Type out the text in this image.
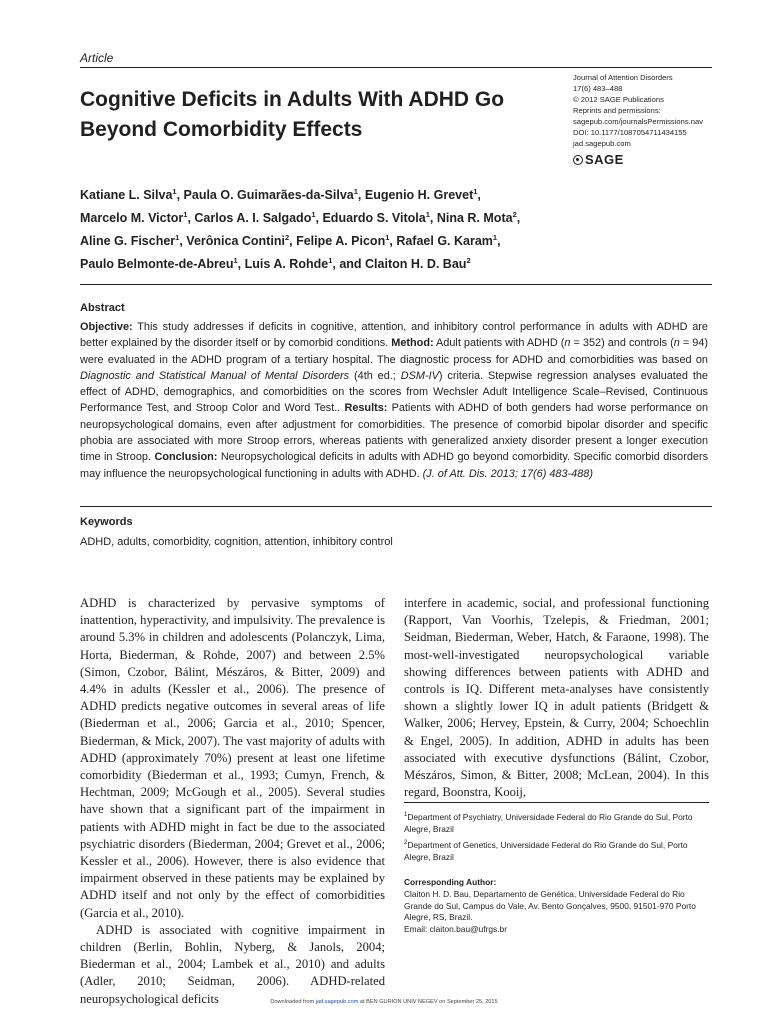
Article
Cognitive Deficits in Adults With ADHD Go Beyond Comorbidity Effects
Journal of Attention Disorders
17(6) 483–488
© 2012 SAGE Publications
Reprints and permissions:
sagepub.com/journalsPermissions.nav
DOI: 10.1177/1087054711434155
jad.sagepub.com
SAGE
Katiane L. Silva$^1$, Paula O. Guimarães-da-Silva$^1$, Eugenio H. Grevet$^1$,
Marcelo M. Victor$^1$, Carlos A. I. Salgado$^1$, Eduardo S. Vitola$^1$, Nina R. Mota$^2$,
Aline G. Fischer$^1$, Verônica Contini$^2$, Felipe A. Picon$^1$, Rafael G. Karam$^1$,
Paulo Belmonte-de-Abreu$^1$, Luis A. Rohde$^1$, and Claiton H. D. Bau$^2$
Abstract
Objective: This study addresses if deficits in cognitive, attention, and inhibitory control performance in adults with ADHD are better explained by the disorder itself or by comorbid conditions. Method: Adult patients with ADHD (n = 352) and controls (n = 94) were evaluated in the ADHD program of a tertiary hospital. The diagnostic process for ADHD and comorbidities was based on Diagnostic and Statistical Manual of Mental Disorders (4th ed.; DSM-IV) criteria. Stepwise regression analyses evaluated the effect of ADHD, demographics, and comorbidities on the scores from Wechsler Adult Intelligence Scale–Revised, Continuous Performance Test, and Stroop Color and Word Test.. Results: Patients with ADHD of both genders had worse performance on neuropsychological domains, even after adjustment for comorbidities. The presence of comorbid bipolar disorder and specific phobia are associated with more Stroop errors, whereas patients with generalized anxiety disorder present a longer execution time in Stroop. Conclusion: Neuropsychological deficits in adults with ADHD go beyond comorbidity. Specific comorbid disorders may influence the neuropsychological functioning in adults with ADHD. (J. of Att. Dis. 2013; 17(6) 483-488)
Keywords
ADHD, adults, comorbidity, cognition, attention, inhibitory control

ADHD is characterized by pervasive symptoms of inattention, hyperactivity, and impulsivity. The prevalence is around 5.3% in children and adolescents (Polanczyk, Lima, Horta, Biederman, & Rohde, 2007) and between 2.5% (Simon, Czobor, Bálint, Mészáros, & Bitter, 2009) and 4.4% in adults (Kessler et al., 2006). The presence of ADHD predicts negative outcomes in several areas of life (Biederman et al., 2006; Garcia et al., 2010; Spencer, Biederman, & Mick, 2007). The vast majority of adults with ADHD (approximately 70%) present at least one lifetime comorbidity (Biederman et al., 1993; Cumyn, French, & Hechtman, 2009; McGough et al., 2005). Several studies have shown that a significant part of the impairment in patients with ADHD might in fact be due to the associated psychiatric disorders (Biederman, 2004; Grevet et al., 2006; Kessler et al., 2006). However, there is also evidence that impairment observed in these patients may be explained by ADHD itself and not only by the effect of comorbidities (Garcia et al., 2010).

ADHD is associated with cognitive impairment in children (Berlin, Bohlin, Nyberg, & Janols, 2004; Biederman et al., 2004; Lambek et al., 2010) and adults (Adler, 2010; Seidman, 2006). ADHD-related neuropsychological deficits

interfere in academic, social, and professional functioning (Rapport, Van Voorhis, Tzelepis, & Friedman, 2001; Seidman, Biederman, Weber, Hatch, & Faraone, 1998). The most-well-investigated neuropsychological variable showing differences between patients with ADHD and controls is IQ. Different meta-analyses have consistently shown a slightly lower IQ in adult patients (Bridgett & Walker, 2006; Hervey, Epstein, & Curry, 2004; Schoechlin & Engel, 2005). In addition, ADHD in adults has been associated with executive dysfunctions (Bálint, Czobor, Mészáros, Simon, & Bitter, 2008; McLean, 2004). In this regard, Boonstra, Kooij,

$^1$Department of Psychiatry, Universidade Federal do Rio Grande do Sul, Porto Alegre, Brazil
$^2$Department of Genetics, Universidade Federal do Rio Grande do Sul, Porto Alegre, Brazil
Corresponding Author:
Claiton H. D. Bau, Departamento de Genética, Universidade Federal do Rio Grande do Sul, Campus do Vale, Av. Bento Gonçalves, 9500, 91501-970 Porto Alegre, RS, Brazil.
Email: claiton.bau@ufrgs.br
Downloaded from jad.sagepub.com at BEN GURION UNIV NEGEV on September 25, 2015
